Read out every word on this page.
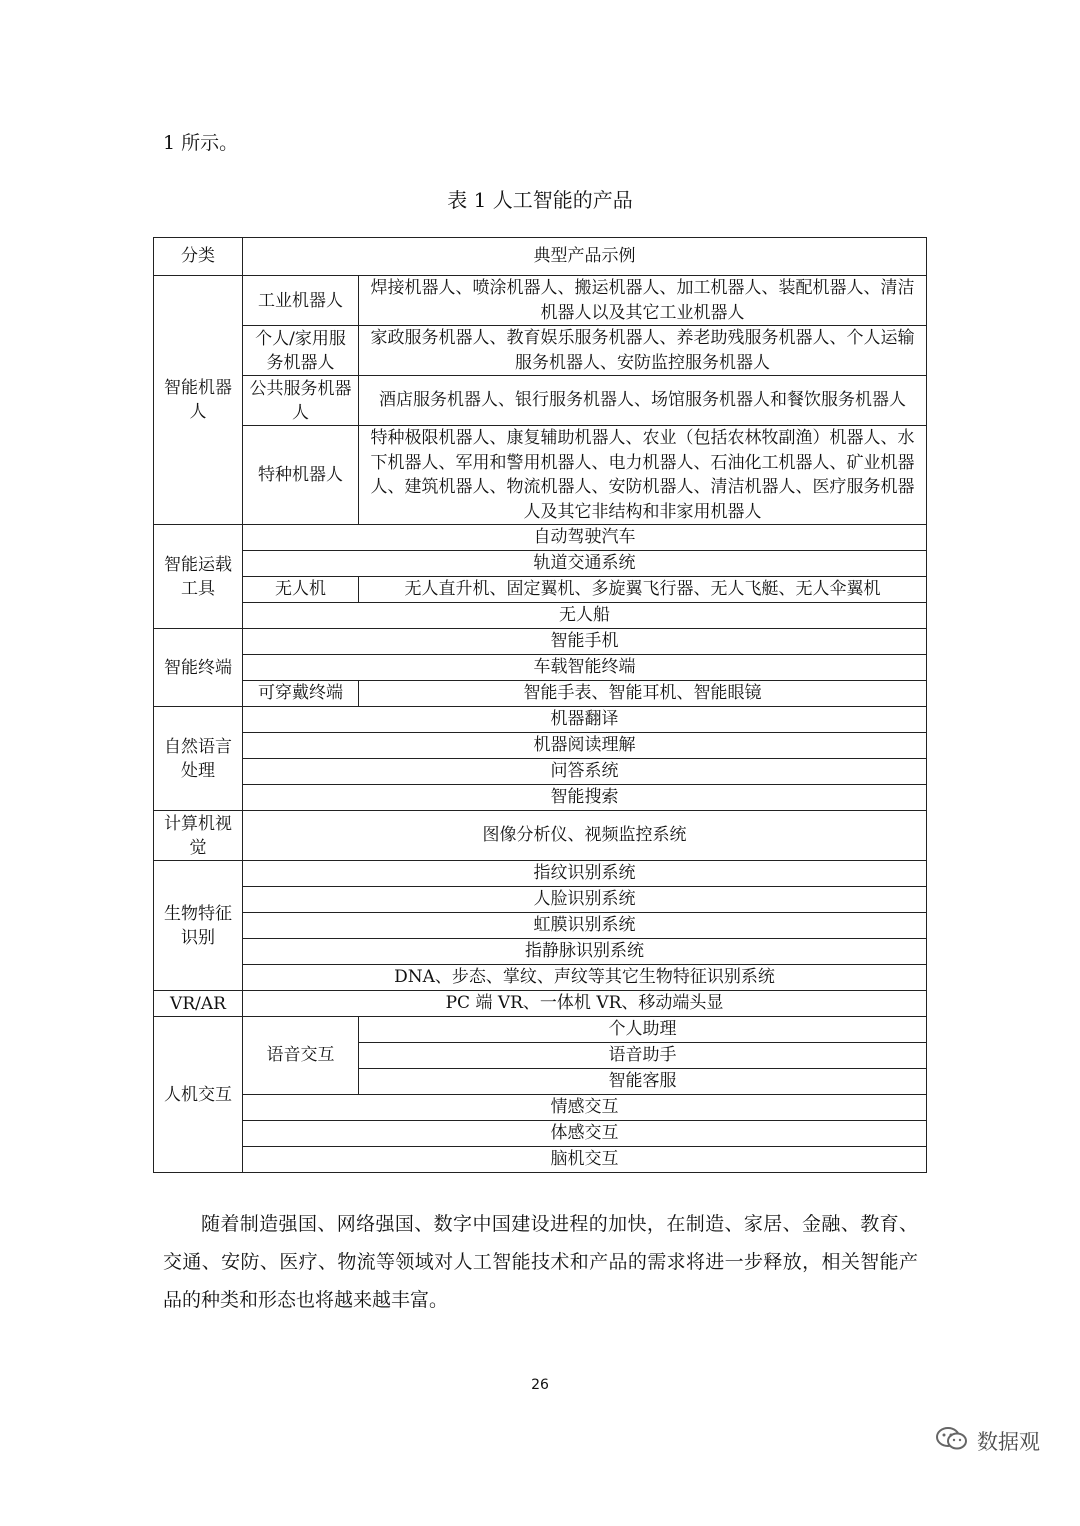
1 所示。
表 1 人工智能的产品
分类	典型产品示例	
智能机器人	工业机器人	焊接机器人、喷涂机器人、搬运机器人、加工机器人、装配机器人、清洁机器人以及其它工业机器人
	个人/家用服务机器人	家政服务机器人、教育娱乐服务机器人、养老助残服务机器人、个人运输服务机器人、安防监控服务机器人
	公共服务机器人	酒店服务机器人、银行服务机器人、场馆服务机器人和餐饮服务机器人
	特种机器人	特种极限机器人、康复辅助机器人、农业（包括农林牧副渔）机器人、水下机器人、军用和警用机器人、电力机器人、石油化工机器人、矿业机器人、建筑机器人、物流机器人、安防机器人、清洁机器人、医疗服务机器人及其它非结构和非家用机器人
智能运载工具	自动驾驶汽车	
	轨道交通系统	
	无人机	无人直升机、固定翼机、多旋翼飞行器、无人飞艇、无人伞翼机
	无人船	
智能终端	智能手机	
	车载智能终端	
	可穿戴终端	智能手表、智能耳机、智能眼镜
自然语言处理	机器翻译	
	机器阅读理解	
	问答系统	
	智能搜索	
计算机视觉	图像分析仪、视频监控系统	
生物特征识别	指纹识别系统	
	人脸识别系统	
	虹膜识别系统	
	指静脉识别系统	
	DNA、步态、掌纹、声纹等其它生物特征识别系统	
VR/AR	PC 端 VR、一体机 VR、移动端头显	
人机交互	语音交互	个人助理
		语音助手
		智能客服
	情感交互	
	体感交互	
	脑机交互	
随着制造强国、网络强国、数字中国建设进程的加快，在制造、家居、金融、教育、交通、安防、医疗、物流等领域对人工智能技术和产品的需求将进一步释放，相关智能产品的种类和形态也将越来越丰富。
26
数据观
